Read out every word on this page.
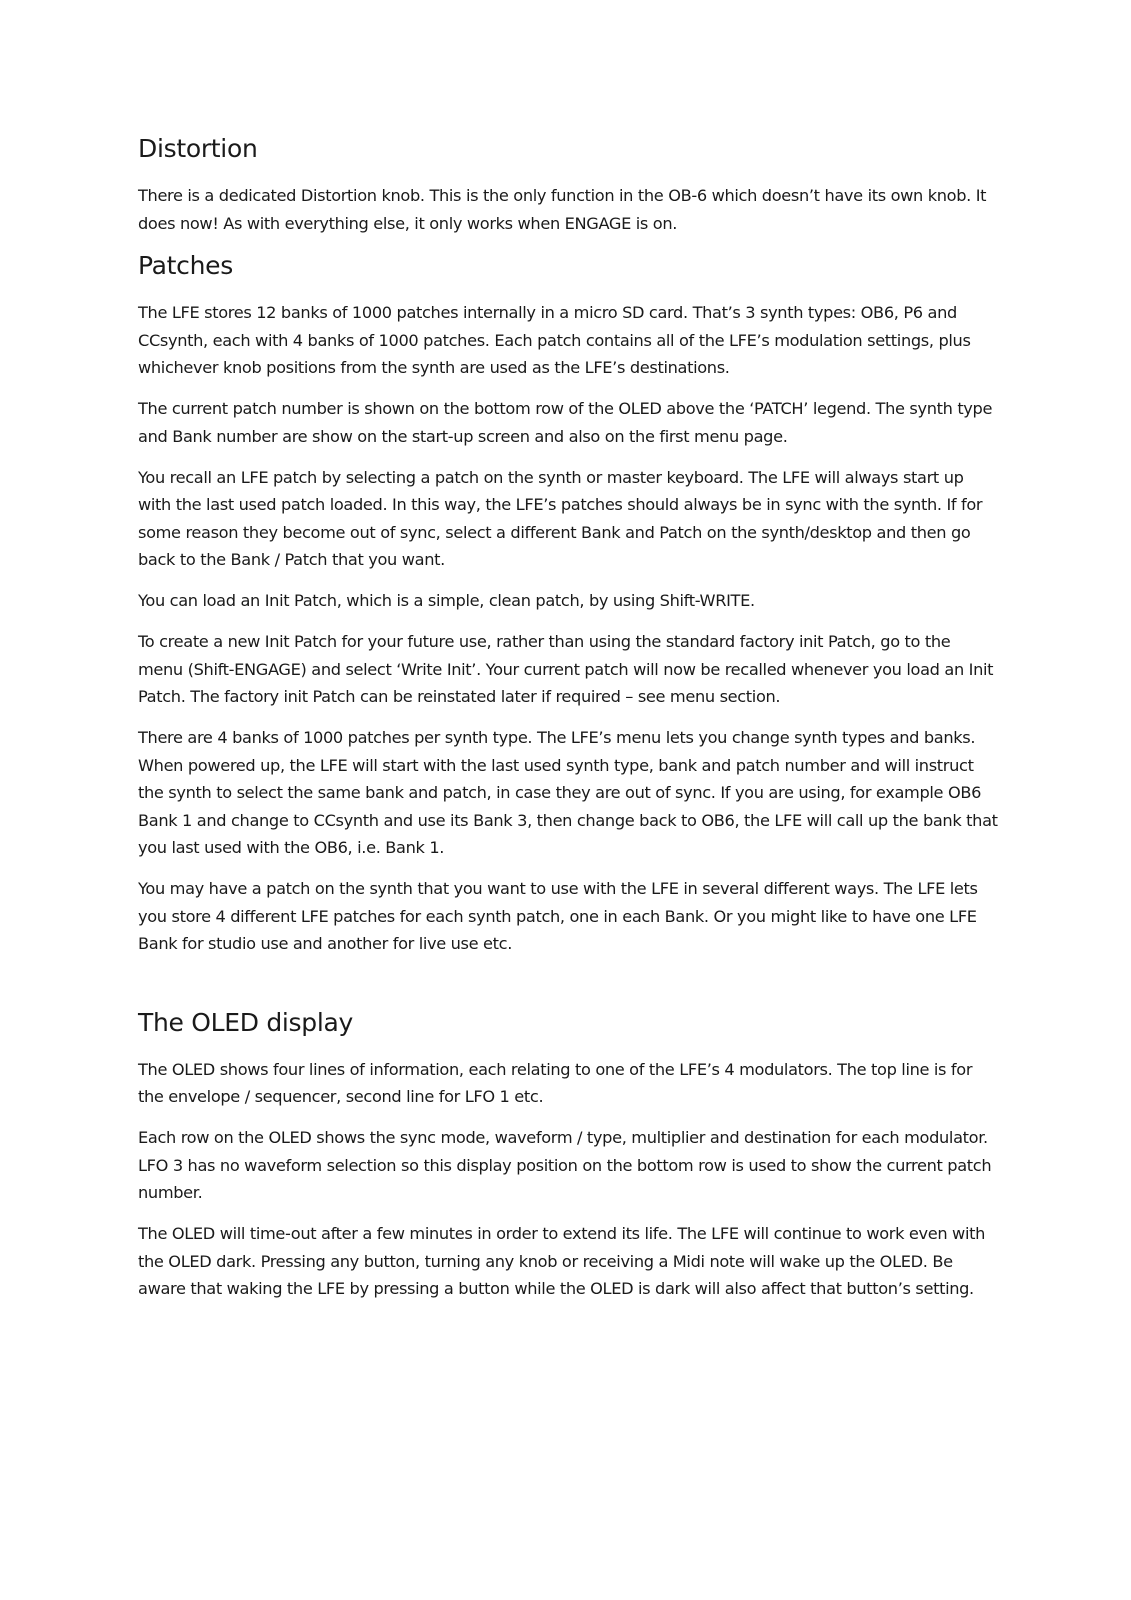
Distortion

There is a dedicated Distortion knob. This is the only function in the OB-6 which doesn’t have its own knob. It does now! As with everything else, it only works when ENGAGE is on.

Patches

The LFE stores 12 banks of 1000 patches internally in a micro SD card. That’s 3 synth types: OB6, P6 and CCsynth, each with 4 banks of 1000 patches. Each patch contains all of the LFE’s modulation settings, plus whichever knob positions from the synth are used as the LFE’s destinations.

The current patch number is shown on the bottom row of the OLED above the ‘PATCH’ legend. The synth type and Bank number are show on the start-up screen and also on the first menu page.

You recall an LFE patch by selecting a patch on the synth or master keyboard. The LFE will always start up with the last used patch loaded. In this way, the LFE’s patches should always be in sync with the synth. If for some reason they become out of sync, select a different Bank and Patch on the synth/desktop and then go back to the Bank / Patch that you want.

You can load an Init Patch, which is a simple, clean patch, by using Shift-WRITE.

To create a new Init Patch for your future use, rather than using the standard factory init Patch, go to the menu (Shift-ENGAGE) and select ‘Write Init’. Your current patch will now be recalled whenever you load an Init Patch. The factory init Patch can be reinstated later if required – see menu section.

There are 4 banks of 1000 patches per synth type. The LFE’s menu lets you change synth types and banks. When powered up, the LFE will start with the last used synth type, bank and patch number and will instruct the synth to select the same bank and patch, in case they are out of sync. If you are using, for example OB6 Bank 1 and change to CCsynth and use its Bank 3, then change back to OB6, the LFE will call up the bank that you last used with the OB6, i.e. Bank 1.

You may have a patch on the synth that you want to use with the LFE in several different ways. The LFE lets you store 4 different LFE patches for each synth patch, one in each Bank. Or you might like to have one LFE Bank for studio use and another for live use etc.

The OLED display

The OLED shows four lines of information, each relating to one of the LFE’s 4 modulators. The top line is for the envelope / sequencer, second line for LFO 1 etc.

Each row on the OLED shows the sync mode, waveform / type, multiplier and destination for each modulator. LFO 3 has no waveform selection so this display position on the bottom row is used to show the current patch number.

The OLED will time-out after a few minutes in order to extend its life. The LFE will continue to work even with the OLED dark. Pressing any button, turning any knob or receiving a Midi note will wake up the OLED. Be aware that waking the LFE by pressing a button while the OLED is dark will also affect that button’s setting.
